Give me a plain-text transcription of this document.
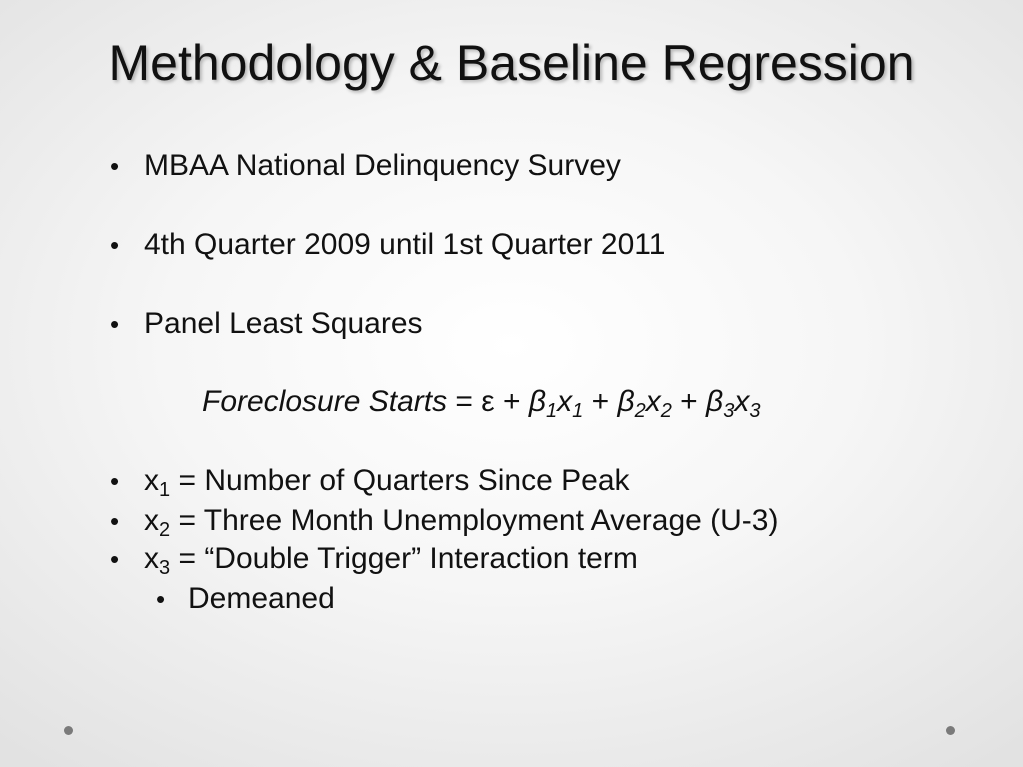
Methodology & Baseline Regression
• MBAA National Delinquency Survey
• 4th Quarter 2009 until 1st Quarter 2011
• Panel Least Squares
Foreclosure Starts = $\varepsilon + \beta_1x_1 + \beta_2x_2 + \beta_3x_3$
• $x_1$ = Number of Quarters Since Peak
• $x_2$ = Three Month Unemployment Average (U-3)
• $x_3$ = “Double Trigger” Interaction term
• Demeaned
